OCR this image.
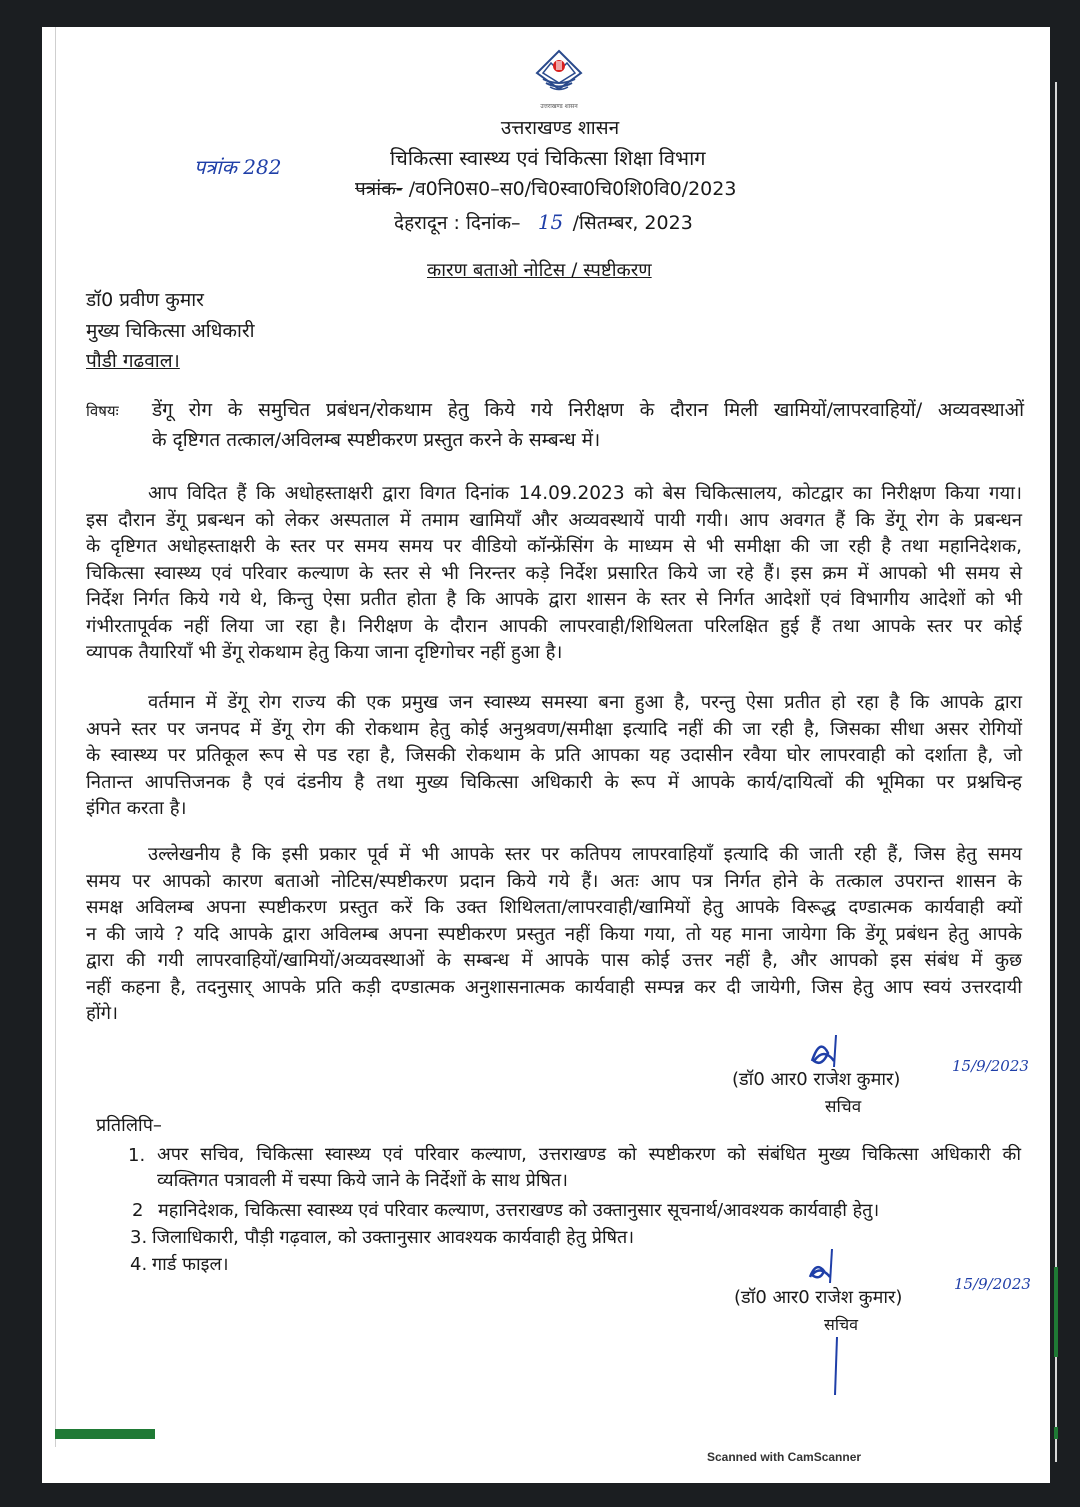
उत्तराखण्ड शासन
उत्तराखण्ड शासन
चिकित्सा स्वास्थ्य एवं चिकित्सा शिक्षा विभाग
पत्रांक 282
पत्रांक- /व0नि0स0–स0/चि0स्वा0चि0शि0वि0/2023
देहरादून : दिनांक– 15 /सितम्बर, 2023
कारण बताओ नोटिस / स्पष्टीकरण
डॉ0 प्रवीण कुमार
मुख्य चिकित्सा अधिकारी
पौडी गढवाल।
विषयः डेंगू रोग के समुचित प्रबंधन/रोकथाम हेतु किये गये निरीक्षण के दौरान मिली खामियों/लापरवाहियों/ अव्यवस्थाओं
के दृष्टिगत तत्काल/अविलम्ब स्पष्टीकरण प्रस्तुत करने के सम्बन्ध में।
आप विदित हैं कि अधोहस्ताक्षरी द्वारा विगत दिनांक 14.09.2023 को बेस चिकित्सालय, कोटद्वार का निरीक्षण किया गया।
इस दौरान डेंगू प्रबन्धन को लेकर अस्पताल में तमाम खामियाँ और अव्यवस्थायें पायी गयी। आप अवगत हैं कि डेंगू रोग के प्रबन्धन
के दृष्टिगत अधोहस्ताक्षरी के स्तर पर समय समय पर वीडियो कॉन्फ्रेंसिंग के माध्यम से भी समीक्षा की जा रही है तथा महानिदेशक,
चिकित्सा स्वास्थ्य एवं परिवार कल्याण के स्तर से भी निरन्तर कड़े निर्देश प्रसारित किये जा रहे हैं। इस क्रम में आपको भी समय से
निर्देश निर्गत किये गये थे, किन्तु ऐसा प्रतीत होता है कि आपके द्वारा शासन के स्तर से निर्गत आदेशों एवं विभागीय आदेशों को भी
गंभीरतापूर्वक नहीं लिया जा रहा है। निरीक्षण के दौरान आपकी लापरवाही/शिथिलता परिलक्षित हुई हैं तथा आपके स्तर पर कोई
व्यापक तैयारियाँ भी डेंगू रोकथाम हेतु किया जाना दृष्टिगोचर नहीं हुआ है।
वर्तमान में डेंगू रोग राज्य की एक प्रमुख जन स्वास्थ्य समस्या बना हुआ है, परन्तु ऐसा प्रतीत हो रहा है कि आपके द्वारा
अपने स्तर पर जनपद में डेंगू रोग की रोकथाम हेतु कोई अनुश्रवण/समीक्षा इत्यादि नहीं की जा रही है, जिसका सीधा असर रोगियों
के स्वास्थ्य पर प्रतिकूल रूप से पड रहा है, जिसकी रोकथाम के प्रति आपका यह उदासीन रवैया घोर लापरवाही को दर्शाता है, जो
नितान्त आपत्तिजनक है एवं दंडनीय है तथा मुख्य चिकित्सा अधिकारी के रूप में आपके कार्य/दायित्वों की भूमिका पर प्रश्नचिन्ह
इंगित करता है।
उल्लेखनीय है कि इसी प्रकार पूर्व में भी आपके स्तर पर कतिपय लापरवाहियाँ इत्यादि की जाती रही हैं, जिस हेतु समय
समय पर आपको कारण बताओ नोटिस/स्पष्टीकरण प्रदान किये गये हैं। अतः आप पत्र निर्गत होने के तत्काल उपरान्त शासन के
समक्ष अविलम्ब अपना स्पष्टीकरण प्रस्तुत करें कि उक्त शिथिलता/लापरवाही/खामियों हेतु आपके विरूद्ध दण्डात्मक कार्यवाही क्यों
न की जाये ? यदि आपके द्वारा अविलम्ब अपना स्पष्टीकरण प्रस्तुत नहीं किया गया, तो यह माना जायेगा कि डेंगू प्रबंधन हेतु आपके
द्वारा की गयी लापरवाहियों/खामियों/अव्यवस्थाओं के सम्बन्ध में आपके पास कोई उत्तर नहीं है, और आपको इस संबंध में कुछ
नहीं कहना है, तदनुसार् आपके प्रति कड़ी दण्डात्मक अनुशासनात्मक कार्यवाही सम्पन्न कर दी जायेगी, जिस हेतु आप स्वयं उत्तरदायी
होंगे।
(डॉ0 आर0 राजेश कुमार)
15/9/2023
सचिव
प्रतिलिपि–
1. अपर सचिव, चिकित्सा स्वास्थ्य एवं परिवार कल्याण, उत्तराखण्ड को स्पष्टीकरण को संबंधित मुख्य चिकित्सा अधिकारी की
व्यक्तिगत पत्रावली में चस्पा किये जाने के निर्देशों के साथ प्रेषित।
2 महानिदेशक, चिकित्सा स्वास्थ्य एवं परिवार कल्याण, उत्तराखण्ड को उक्तानुसार सूचनार्थ/आवश्यक कार्यवाही हेतु।
3. जिलाधिकारी, पौड़ी गढ़वाल, को उक्तानुसार आवश्यक कार्यवाही हेतु प्रेषित।
4. गार्ड फाइल।
(डॉ0 आर0 राजेश कुमार)
15/9/2023
सचिव
Scanned with CamScanner
